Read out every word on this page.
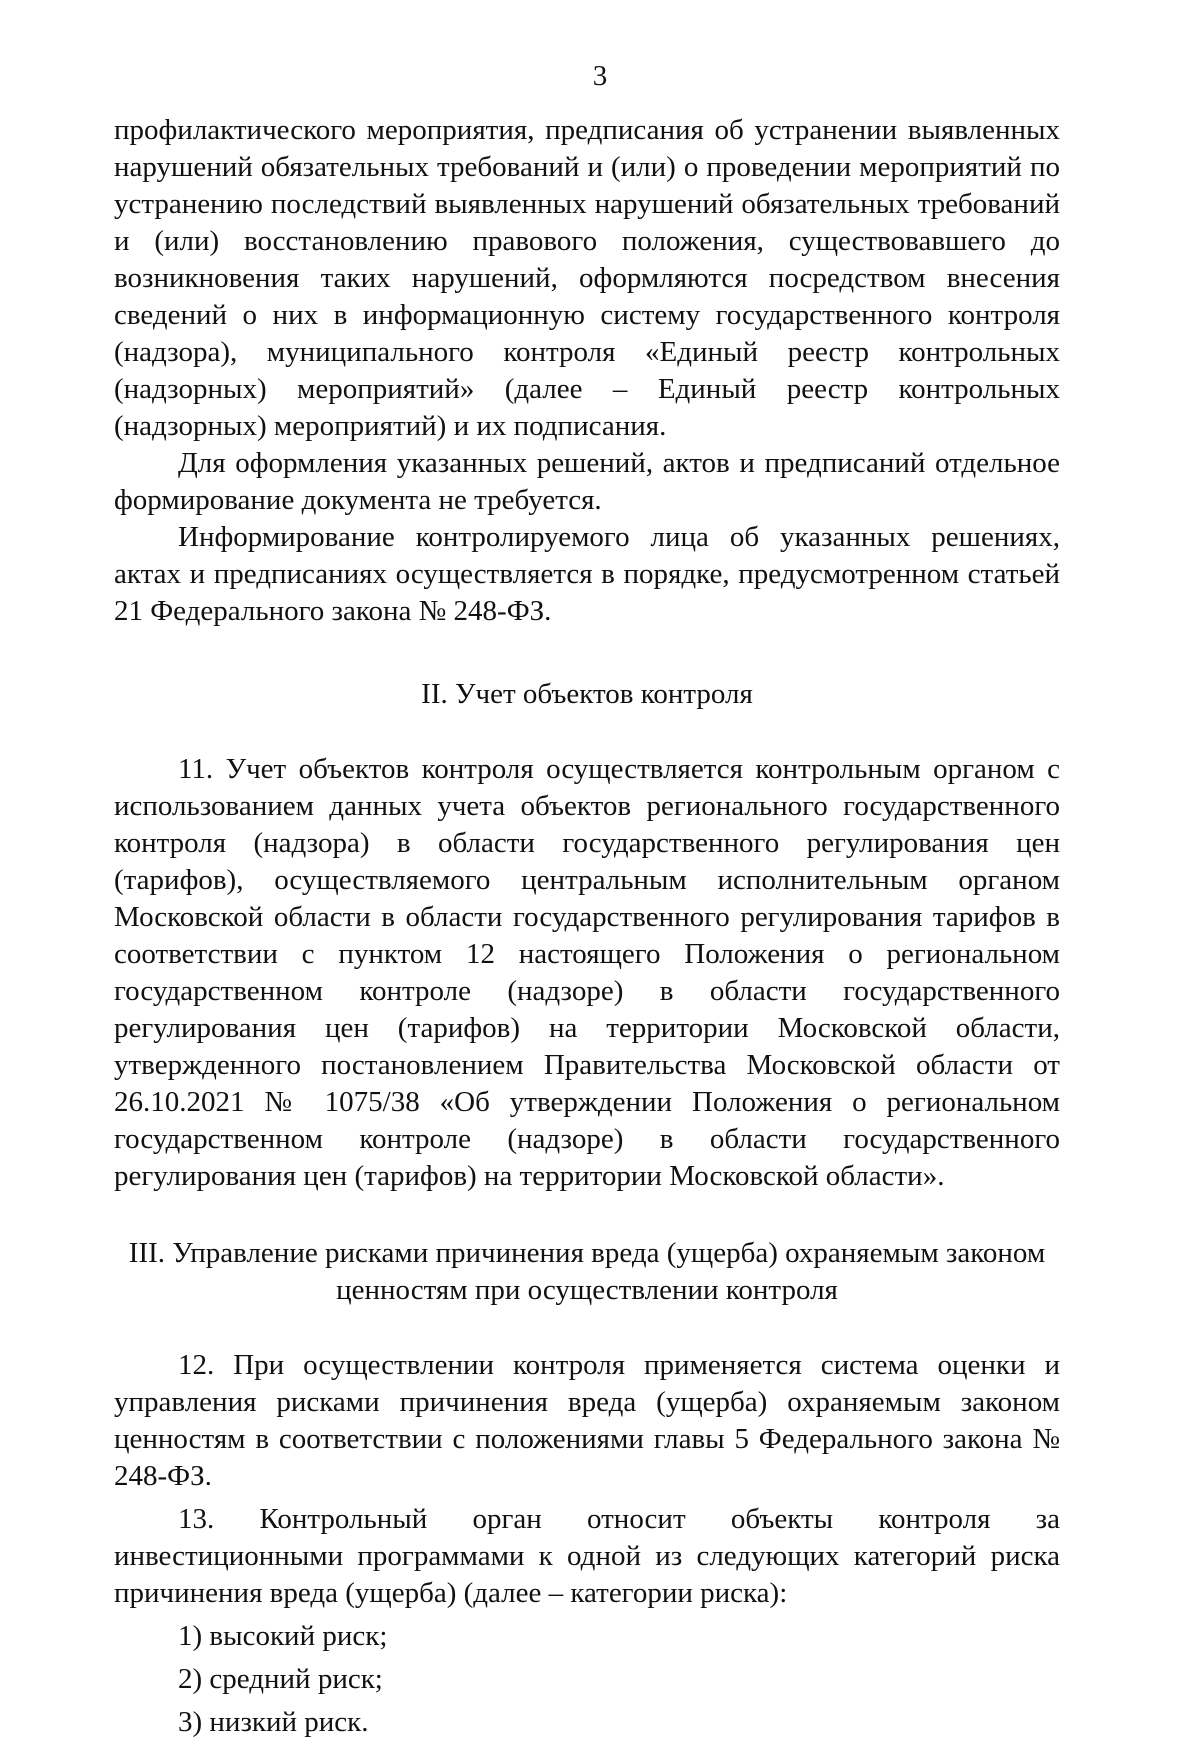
3

профилактического мероприятия, предписания об устранении выявленных нарушений обязательных требований и (или) о проведении мероприятий по устранению последствий выявленных нарушений обязательных требований и (или) восстановлению правового положения, существовавшего до возникновения таких нарушений, оформляются посредством внесения сведений о них в информационную систему государственного контроля (надзора), муниципального контроля «Единый реестр контрольных (надзорных) мероприятий» (далее – Единый реестр контрольных (надзорных) мероприятий) и их подписания.

Для оформления указанных решений, актов и предписаний отдельное формирование документа не требуется.

Информирование контролируемого лица об указанных решениях, актах и предписаниях осуществляется в порядке, предусмотренном статьей 21 Федерального закона № 248-ФЗ.

II. Учет объектов контроля

11. Учет объектов контроля осуществляется контрольным органом с использованием данных учета объектов регионального государственного контроля (надзора) в области государственного регулирования цен (тарифов), осуществляемого центральным исполнительным органом Московской области в области государственного регулирования тарифов в соответствии с пунктом 12 настоящего Положения о региональном государственном контроле (надзоре) в области государственного регулирования цен (тарифов) на территории Московской области, утвержденного постановлением Правительства Московской области от 26.10.2021 № 1075/38 «Об утверждении Положения о региональном государственном контроле (надзоре) в области государственного регулирования цен (тарифов) на территории Московской области».

III. Управление рисками причинения вреда (ущерба) охраняемым законом

ценностям при осуществлении контроля

12. При осуществлении контроля применяется система оценки и управления рисками причинения вреда (ущерба) охраняемым законом ценностям в соответствии с положениями главы 5 Федерального закона № 248-ФЗ.

13. Контрольный орган относит объекты контроля за инвестиционными программами к одной из следующих категорий риска причинения вреда (ущерба) (далее – категории риска):

1) высокий риск;

2) средний риск;

3) низкий риск.
